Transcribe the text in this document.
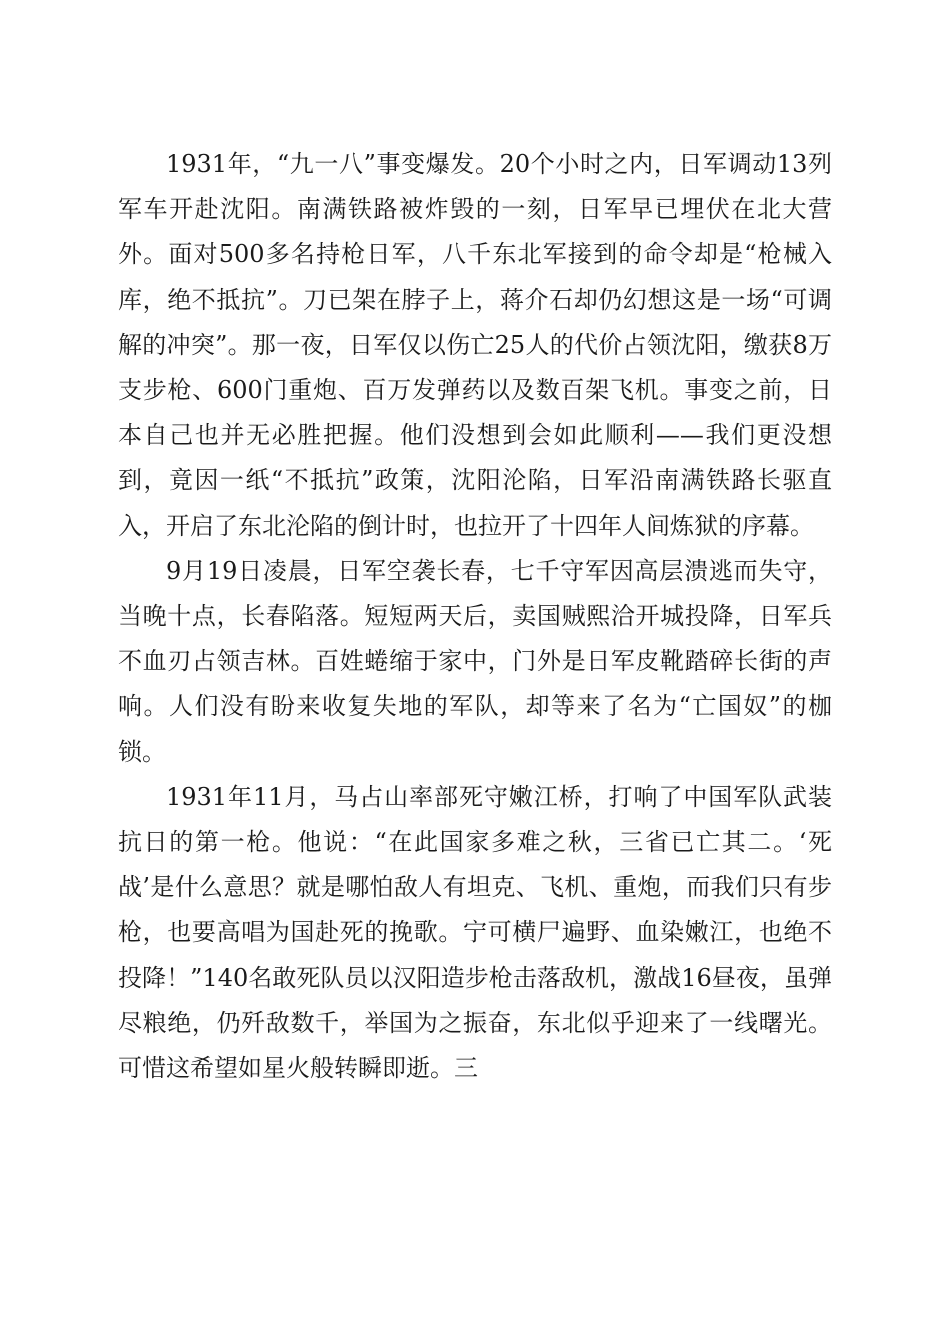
1931年，“九一八”事变爆发。20个小时之内，日军调动13列军车开赴沈阳。南满铁路被炸毁的一刻，日军早已埋伏在北大营外。面对500多名持枪日军，八千东北军接到的命令却是“枪械入库，绝不抵抗”。刀已架在脖子上，蒋介石却仍幻想这是一场“可调解的冲突”。那一夜，日军仅以伤亡25人的代价占领沈阳，缴获8万支步枪、600门重炮、百万发弹药以及数百架飞机。事变之前，日本自己也并无必胜把握。他们没想到会如此顺利——我们更没想到，竟因一纸“不抵抗”政策，沈阳沦陷，日军沿南满铁路长驱直入，开启了东北沦陷的倒计时，也拉开了十四年人间炼狱的序幕。

9月19日凌晨，日军空袭长春，七千守军因高层溃逃而失守，当晚十点，长春陷落。短短两天后，卖国贼熙洽开城投降，日军兵不血刃占领吉林。百姓蜷缩于家中，门外是日军皮靴踏碎长街的声响。人们没有盼来收复失地的军队，却等来了名为“亡国奴”的枷锁。

1931年11月，马占山率部死守嫩江桥，打响了中国军队武装抗日的第一枪。他说：“在此国家多难之秋，三省已亡其二。‘死战’是什么意思？就是哪怕敌人有坦克、飞机、重炮，而我们只有步枪，也要高唱为国赴死的挽歌。宁可横尸遍野、血染嫩江，也绝不投降！”140名敢死队员以汉阳造步枪击落敌机，激战16昼夜，虽弹尽粮绝，仍歼敌数千，举国为之振奋，东北似乎迎来了一线曙光。可惜这希望如星火般转瞬即逝。三
